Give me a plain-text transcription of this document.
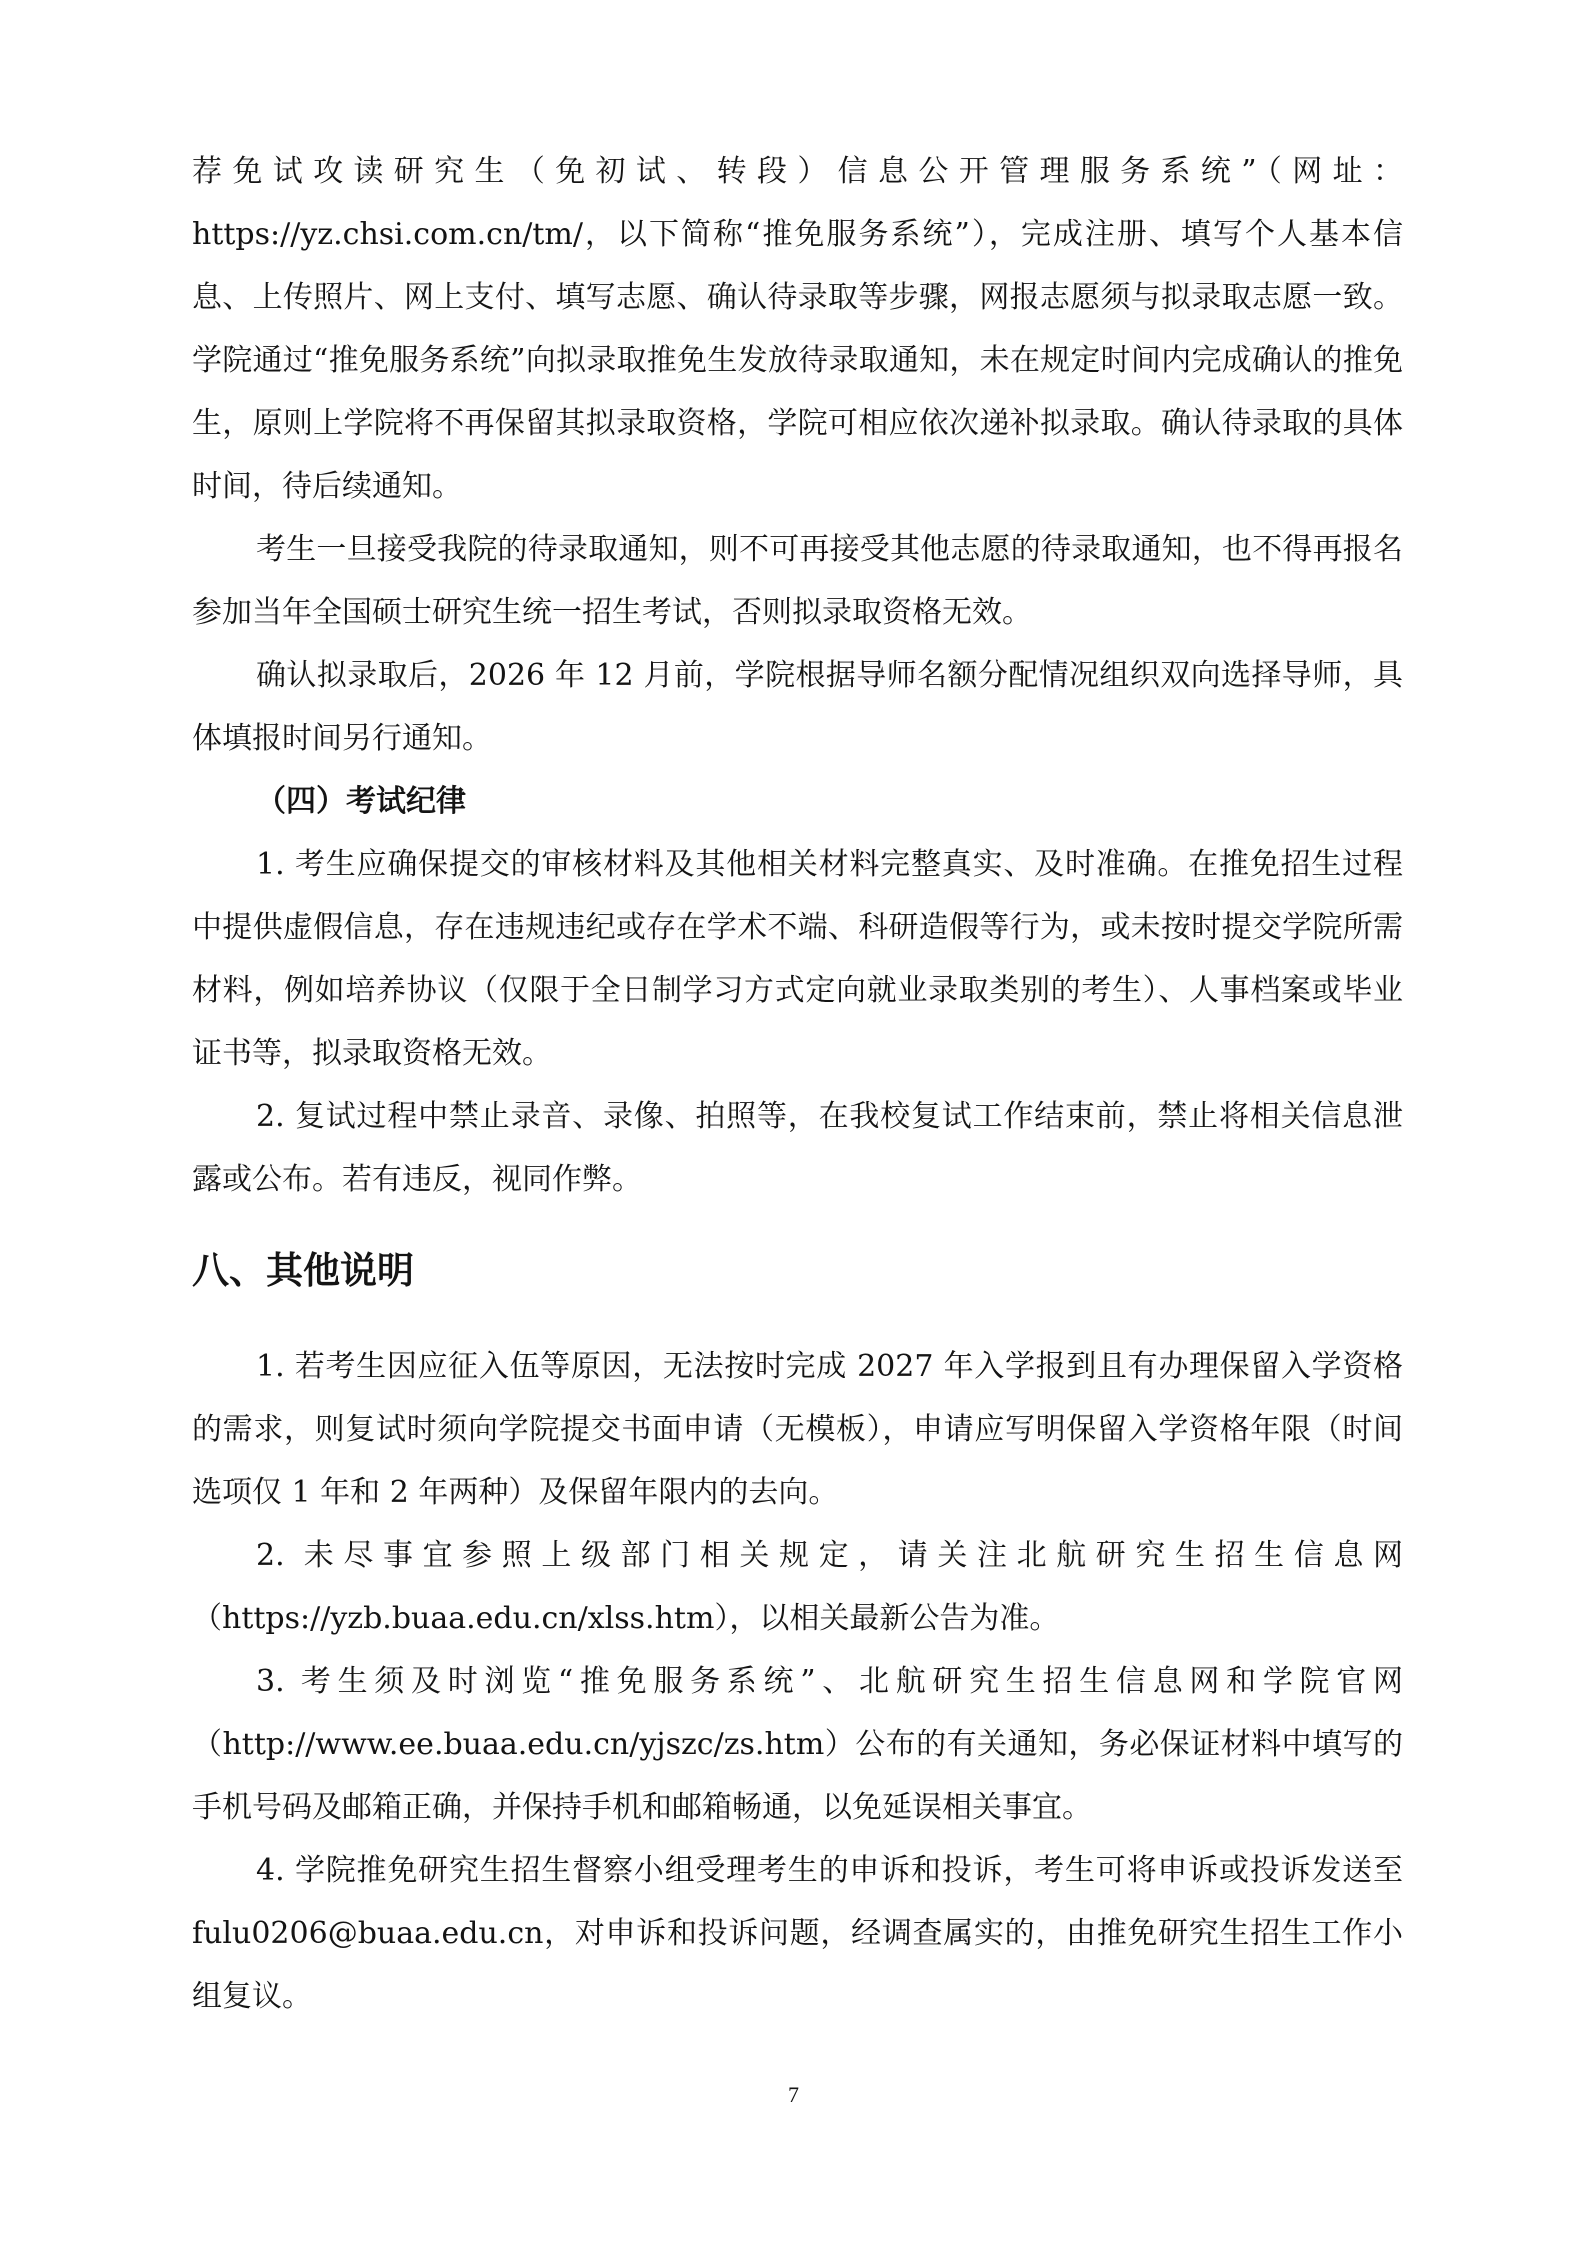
荐免试攻读研究生（免初试、转段）信息公开管理服务系统”（网址：https://yz.chsi.com.cn/tm/，以下简称“推免服务系统”），完成注册、填写个人基本信息、上传照片、网上支付、填写志愿、确认待录取等步骤，网报志愿须与拟录取志愿一致。学院通过“推免服务系统”向拟录取推免生发放待录取通知，未在规定时间内完成确认的推免生，原则上学院将不再保留其拟录取资格，学院可相应依次递补拟录取。确认待录取的具体时间，待后续通知。

考生一旦接受我院的待录取通知，则不可再接受其他志愿的待录取通知，也不得再报名参加当年全国硕士研究生统一招生考试，否则拟录取资格无效。

确认拟录取后，2026 年 12 月前，学院根据导师名额分配情况组织双向选择导师，具体填报时间另行通知。

（四）考试纪律

1. 考生应确保提交的审核材料及其他相关材料完整真实、及时准确。在推免招生过程中提供虚假信息，存在违规违纪或存在学术不端、科研造假等行为，或未按时提交学院所需材料，例如培养协议（仅限于全日制学习方式定向就业录取类别的考生）、人事档案或毕业证书等，拟录取资格无效。

2. 复试过程中禁止录音、录像、拍照等，在我校复试工作结束前，禁止将相关信息泄露或公布。若有违反，视同作弊。

八、其他说明

1. 若考生因应征入伍等原因，无法按时完成 2027 年入学报到且有办理保留入学资格的需求，则复试时须向学院提交书面申请（无模板），申请应写明保留入学资格年限（时间选项仅 1 年和 2 年两种）及保留年限内的去向。

2. 未尽事宜参照上级部门相关规定，请关注北航研究生招生信息网（https://yzb.buaa.edu.cn/xlss.htm），以相关最新公告为准。

3. 考生须及时浏览“推免服务系统”、北航研究生招生信息网和学院官网（http://www.ee.buaa.edu.cn/yjszc/zs.htm）公布的有关通知，务必保证材料中填写的手机号码及邮箱正确，并保持手机和邮箱畅通，以免延误相关事宜。

4. 学院推免研究生招生督察小组受理考生的申诉和投诉，考生可将申诉或投诉发送至 fulu0206@buaa.edu.cn，对申诉和投诉问题，经调查属实的，由推免研究生招生工作小组复议。

7
